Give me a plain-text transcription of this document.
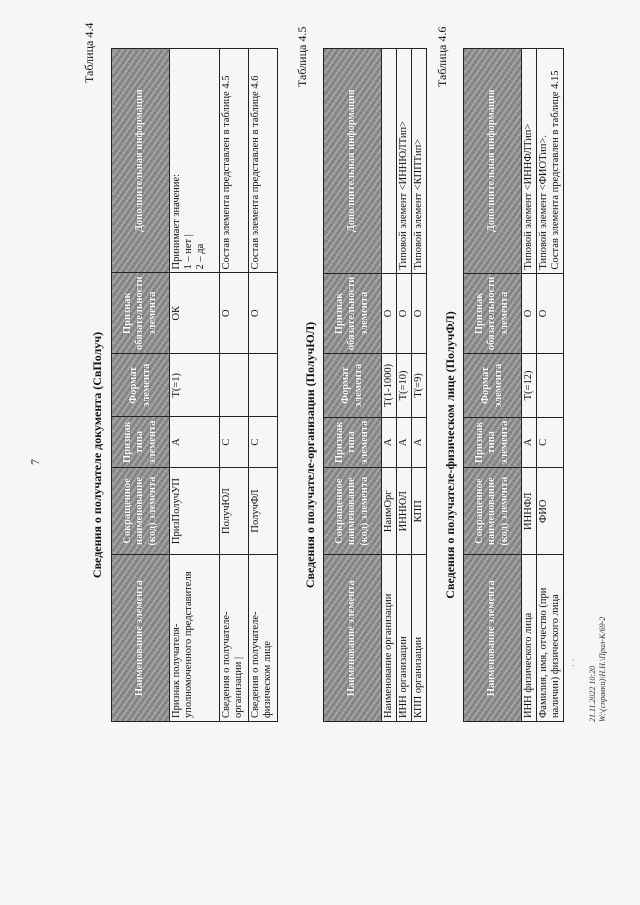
· ·
7
Таблица 4.4
Сведения о получателе документа (СвПолуч)
Наименование элемента	Сокращенное наименование (код) элемента	Признак типа элемента	Формат элемента	Признак обязательности элемента	Дополнительная информация
Признак получателя-уполномоченного представителя	ПризПолучУП	А	Т(=1)	ОК	Принимает значение:
1 – нет |
2 – да
Сведения о получателе-организации |	ПолучЮЛ	С		О	Состав элемента представлен в таблице 4.5
Сведения о получателе-физическом лице	ПолучФЛ	С		О	Состав элемента представлен в таблице 4.6
Таблица 4.5
Сведения о получателе-организации (ПолучЮЛ)
Наименование элемента	Сокращенное наименование (код) элемента	Признак типа элемента	Формат элемента	Признак обязательности элемента	Дополнительная информация
Наименование организации	НаимОрг	А	Т(1-1000)	О	
ИНН организации	ИННЮЛ	А	Т(=10)	О	Типовой элемент <ИННЮЛТип>
КПП организации	КПП	А	Т(=9)	О	Типовой элемент <КППТип>
Таблица 4.6
Сведения о получателе-физическом лице (ПолучФЛ)
Наименование элемента	Сокращенное наименование (код) элемента	Признак типа элемента	Формат элемента	Признак обязательности элемента	Дополнительная информация
ИНН физического лица	ИННФЛ	А	Т(=12)	О	Типовой элемент <ИННФЛТип>
Фамилия, имя, отчество (при наличии) физического лица	ФИО	С		О	Типовой элемент <ФИОТип>.
Состав элемента представлен в таблице 4.15
21.11.2022 10:20 W:\(справки)\Н.Н.\Прил-К/69-2
